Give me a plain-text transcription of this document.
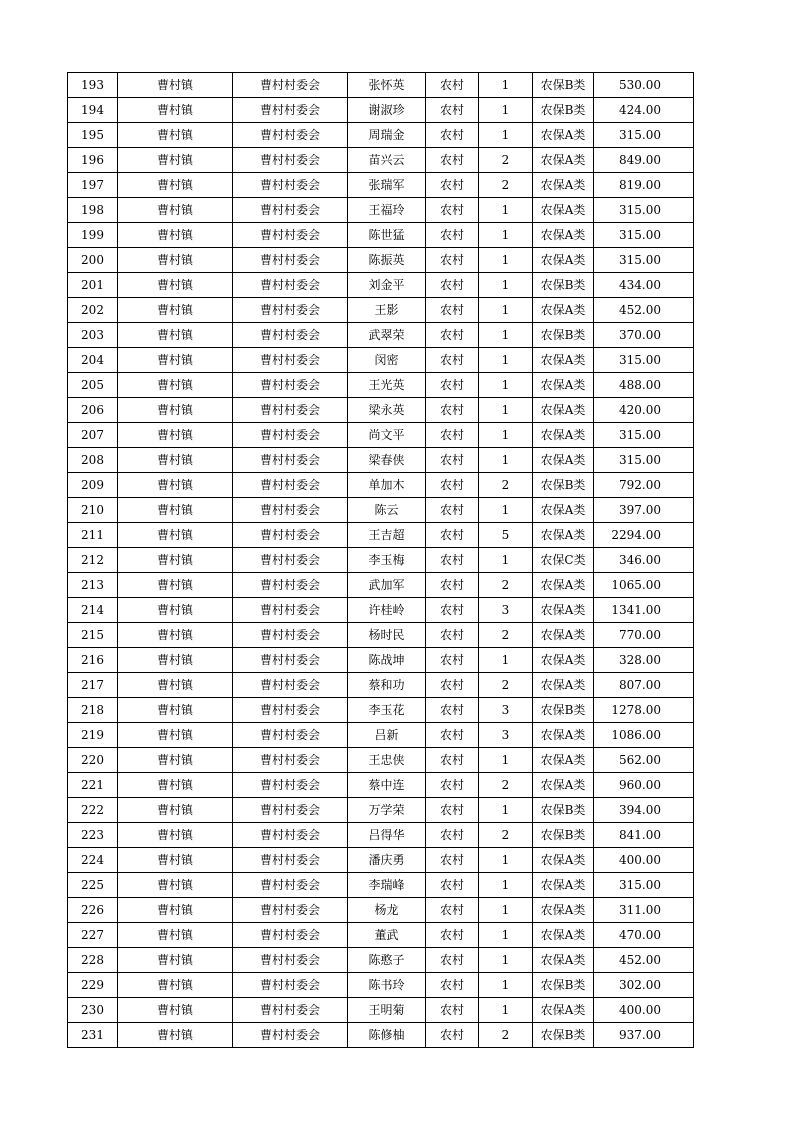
193	曹村镇	曹村村委会	张怀英	农村	1	农保B类	530.00
194	曹村镇	曹村村委会	谢淑珍	农村	1	农保B类	424.00
195	曹村镇	曹村村委会	周瑞金	农村	1	农保A类	315.00
196	曹村镇	曹村村委会	苗兴云	农村	2	农保A类	849.00
197	曹村镇	曹村村委会	张瑞军	农村	2	农保A类	819.00
198	曹村镇	曹村村委会	王福玲	农村	1	农保A类	315.00
199	曹村镇	曹村村委会	陈世猛	农村	1	农保A类	315.00
200	曹村镇	曹村村委会	陈振英	农村	1	农保A类	315.00
201	曹村镇	曹村村委会	刘金平	农村	1	农保B类	434.00
202	曹村镇	曹村村委会	王影	农村	1	农保A类	452.00
203	曹村镇	曹村村委会	武翠荣	农村	1	农保B类	370.00
204	曹村镇	曹村村委会	闵密	农村	1	农保A类	315.00
205	曹村镇	曹村村委会	王光英	农村	1	农保A类	488.00
206	曹村镇	曹村村委会	梁永英	农村	1	农保A类	420.00
207	曹村镇	曹村村委会	尚文平	农村	1	农保A类	315.00
208	曹村镇	曹村村委会	梁春侠	农村	1	农保A类	315.00
209	曹村镇	曹村村委会	单加木	农村	2	农保B类	792.00
210	曹村镇	曹村村委会	陈云	农村	1	农保A类	397.00
211	曹村镇	曹村村委会	王吉超	农村	5	农保A类	2294.00
212	曹村镇	曹村村委会	李玉梅	农村	1	农保C类	346.00
213	曹村镇	曹村村委会	武加军	农村	2	农保A类	1065.00
214	曹村镇	曹村村委会	许桂岭	农村	3	农保A类	1341.00
215	曹村镇	曹村村委会	杨时民	农村	2	农保A类	770.00
216	曹村镇	曹村村委会	陈战坤	农村	1	农保A类	328.00
217	曹村镇	曹村村委会	蔡和功	农村	2	农保A类	807.00
218	曹村镇	曹村村委会	李玉花	农村	3	农保B类	1278.00
219	曹村镇	曹村村委会	吕新	农村	3	农保A类	1086.00
220	曹村镇	曹村村委会	王忠侠	农村	1	农保A类	562.00
221	曹村镇	曹村村委会	蔡中连	农村	2	农保A类	960.00
222	曹村镇	曹村村委会	万学荣	农村	1	农保B类	394.00
223	曹村镇	曹村村委会	吕得华	农村	2	农保B类	841.00
224	曹村镇	曹村村委会	潘庆勇	农村	1	农保A类	400.00
225	曹村镇	曹村村委会	李瑞峰	农村	1	农保A类	315.00
226	曹村镇	曹村村委会	杨龙	农村	1	农保A类	311.00
227	曹村镇	曹村村委会	董武	农村	1	农保A类	470.00
228	曹村镇	曹村村委会	陈憨子	农村	1	农保A类	452.00
229	曹村镇	曹村村委会	陈书玲	农村	1	农保B类	302.00
230	曹村镇	曹村村委会	王明菊	农村	1	农保A类	400.00
231	曹村镇	曹村村委会	陈修柚	农村	2	农保B类	937.00
